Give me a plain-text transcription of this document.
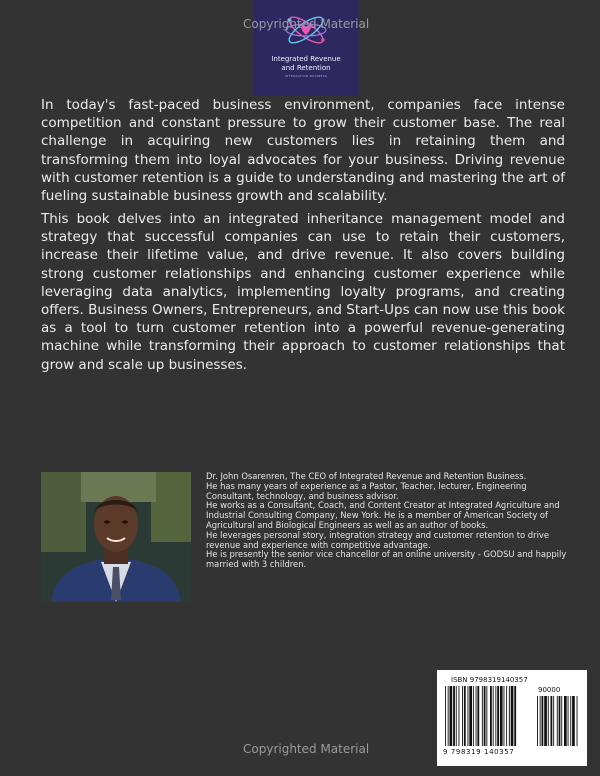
Integrated Revenue
and Retention
INTEGRATION BUSINESS
Copyrighted Material

In today's fast-paced business environment, companies face intense competition and constant pressure to grow their customer base. The real challenge in acquiring new customers lies in retaining them and transforming them into loyal advocates for your business. Driving revenue with customer retention is a guide to understanding and mastering the art of fueling sustainable business growth and scalability.

This book delves into an integrated inheritance management model and strategy that successful companies can use to retain their customers, increase their lifetime value, and drive revenue. It also covers building strong customer relationships and enhancing customer experience while leveraging data analytics, implementing loyalty programs, and creating offers. Business Owners, Entrepreneurs, and Start-Ups can now use this book as a tool to turn customer retention into a powerful revenue-generating machine while transforming their approach to customer relationships that grow and scale up businesses.

Dr. John Osarenren, The CEO of Integrated Revenue and Retention Business.
He has many years of experience as a Pastor, Teacher, lecturer, Engineering Consultant, technology, and business advisor.
He works as a Consultant, Coach, and Content Creator at Integrated Agriculture and Industrial Consulting Company, New York. He is a member of American Society of Agricultural and Biological Engineers as well as an author of books.
He leverages personal story, integration strategy and customer retention to drive revenue and experience with competitive advantage.
He is presently the senior vice chancellor of an online university - GODSU and happily married with 3 children.
ISBN 9798319140357
90000
9 798319 140357
Copyrighted Material
